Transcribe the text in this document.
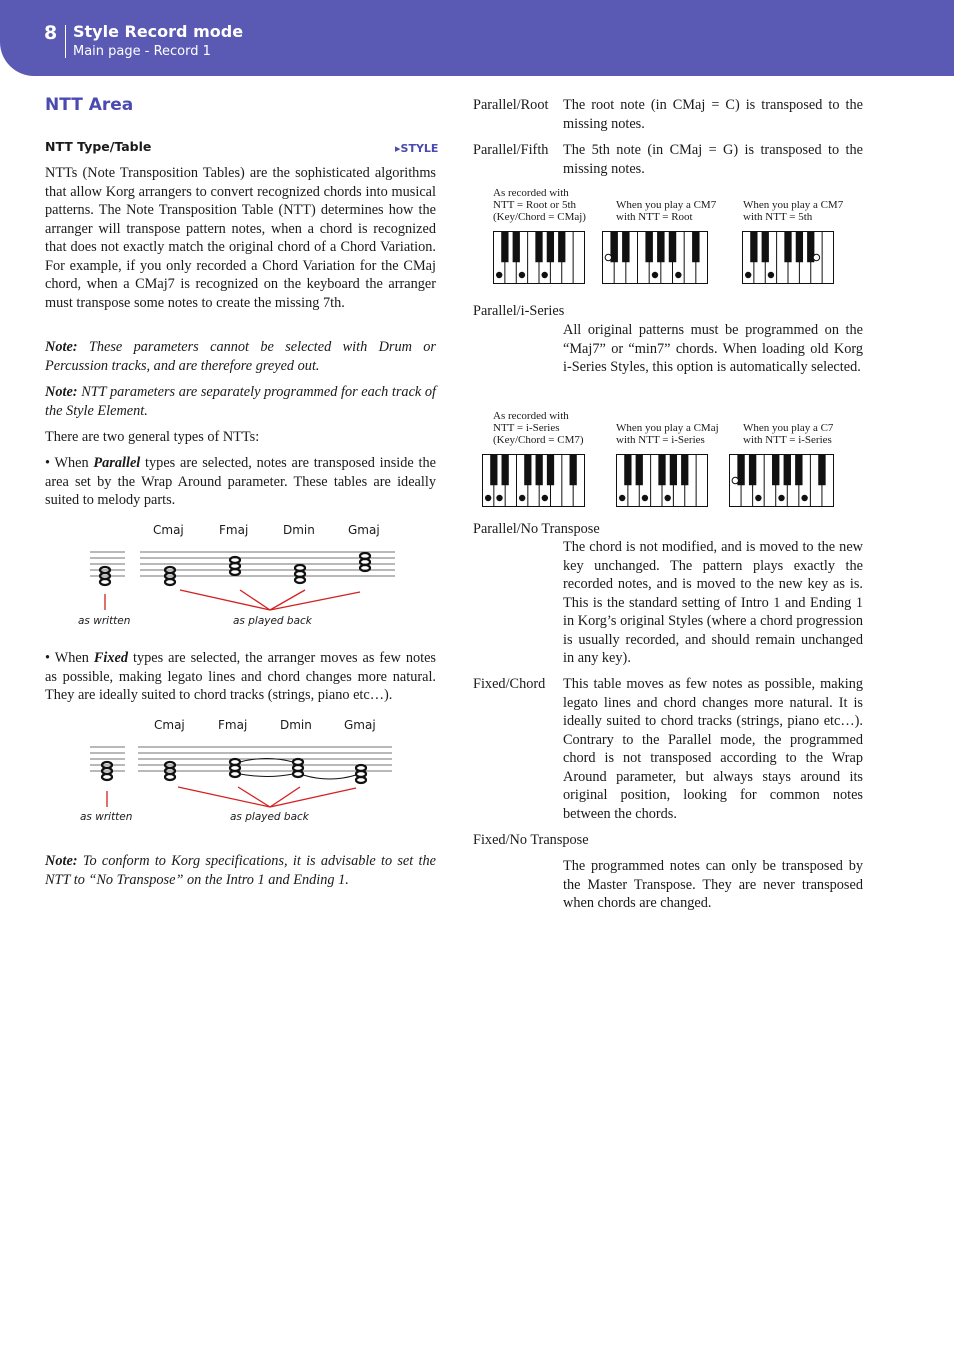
8 Style Record mode
Main page - Record 1
NTT Area
NTT Type/Table	▸STYLE

NTTs (Note Transposition Tables) are the sophisticated algorithms that allow Korg arrangers to convert recognized chords into musical patterns. The Note Transposition Table (NTT) determines how the arranger will transpose pattern notes, when a chord is recognized that does not exactly match the original chord of a Chord Variation. For example, if you only recorded a Chord Variation for the CMaj chord, when a CMaj7 is recognized on the keyboard the arranger must transpose some notes to create the missing 7th.

Note: These parameters cannot be selected with Drum or Percussion tracks, and are therefore greyed out.

Note: NTT parameters are separately programmed for each track of the Style Element.

There are two general types of NTTs:

• When Parallel types are selected, notes are transposed inside the area set by the Wrap Around parameter. These tables are ideally suited to melody parts.

Cmaj	Fmaj	Dmin	Gmaj
as written	as played back

• When Fixed types are selected, the arranger moves as few notes as possible, making legato lines and chord changes more natural. They are ideally suited to chord tracks (strings, piano etc…).

Cmaj	Fmaj	Dmin	Gmaj
as written	as played back

Note: To conform to Korg specifications, it is advisable to set the NTT to “No Transpose” on the Intro 1 and Ending 1.

Parallel/Root The root note (in CMaj = C) is transposed to the missing notes.

Parallel/Fifth The 5th note (in CMaj = G) is transposed to the missing notes.

As recorded with
NTT = Root or 5th
(Key/Chord = CMaj)
When you play a CM7
with NTT = Root
When you play a CM7
with NTT = 5th
Parallel/i-Series

All original patterns must be programmed on the “Maj7” or “min7” chords. When loading old Korg i-Series Styles, this option is automatically selected.

As recorded with
NTT = i-Series
(Key/Chord = CM7)
When you play a CMaj
with NTT = i-Series
When you play a C7
with NTT = i-Series
Parallel/No Transpose

The chord is not modified, and is moved to the new key unchanged. The pattern plays exactly the recorded notes, and is moved to the new key as is. This is the standard setting of Intro 1 and Ending 1 in Korg’s original Styles (where a chord progression is usually recorded, and should remain unchanged in any key).

Fixed/Chord This table moves as few notes as possible, making legato lines and chord changes more natural. It is ideally suited to chord tracks (strings, piano etc…). Contrary to the Parallel mode, the programmed chord is not transposed according to the Wrap Around parameter, but always stays around its original position, looking for common notes between the chords.

Fixed/No Transpose

The programmed notes can only be transposed by the Master Transpose. They are never transposed when chords are changed.
